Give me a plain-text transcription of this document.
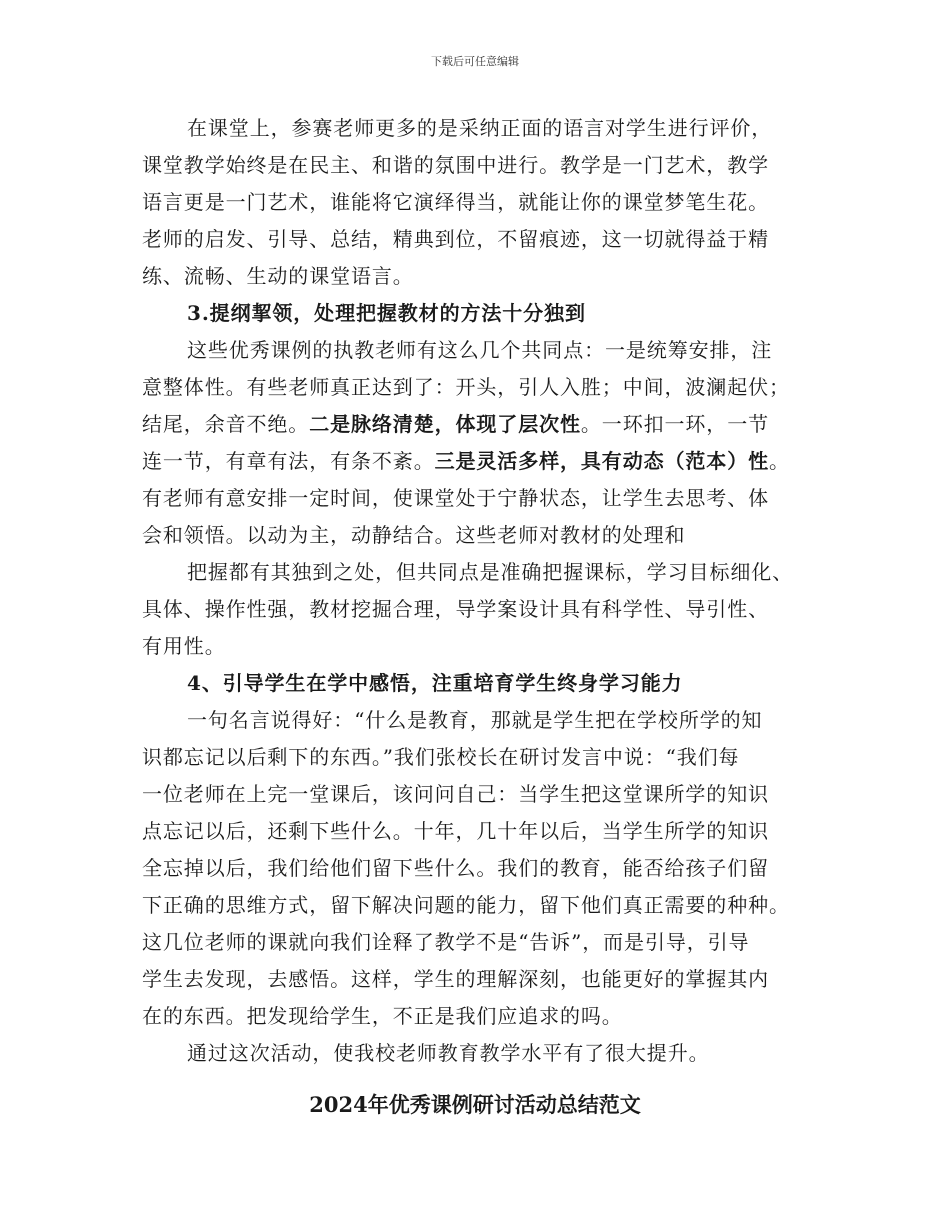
下载后可任意编辑
在课堂上，参赛老师更多的是采纳正面的语言对学生进行评价，
课堂教学始终是在民主、和谐的氛围中进行。教学是一门艺术，教学
语言更是一门艺术，谁能将它演绎得当，就能让你的课堂梦笔生花。
老师的启发、引导、总结，精典到位，不留痕迹，这一切就得益于精
练、流畅、生动的课堂语言。
3.提纲挈领，处理把握教材的方法十分独到
这些优秀课例的执教老师有这么几个共同点：一是统筹安排，注
意整体性。有些老师真正达到了：开头，引人入胜；中间，波澜起伏；
结尾，余音不绝。二是脉络清楚，体现了层次性。一环扣一环，一节
连一节，有章有法，有条不紊。三是灵活多样，具有动态（范本）性。
有老师有意安排一定时间，使课堂处于宁静状态，让学生去思考、体
会和领悟。以动为主，动静结合。这些老师对教材的处理和
把握都有其独到之处，但共同点是准确把握课标，学习目标细化、
具体、操作性强，教材挖掘合理，导学案设计具有科学性、导引性、
有用性。
4、引导学生在学中感悟，注重培育学生终身学习能力
一句名言说得好：“什么是教育，那就是学生把在学校所学的知
识都忘记以后剩下的东西。”我们张校长在研讨发言中说：“我们每
一位老师在上完一堂课后，该问问自己：当学生把这堂课所学的知识
点忘记以后，还剩下些什么。十年，几十年以后，当学生所学的知识
全忘掉以后，我们给他们留下些什么。我们的教育，能否给孩子们留
下正确的思维方式，留下解决问题的能力，留下他们真正需要的种种。
这几位老师的课就向我们诠释了教学不是“告诉”，而是引导，引导
学生去发现，去感悟。这样，学生的理解深刻，也能更好的掌握其内
在的东西。把发现给学生，不正是我们应追求的吗。
通过这次活动，使我校老师教育教学水平有了很大提升。
2024年优秀课例研讨活动总结范文
